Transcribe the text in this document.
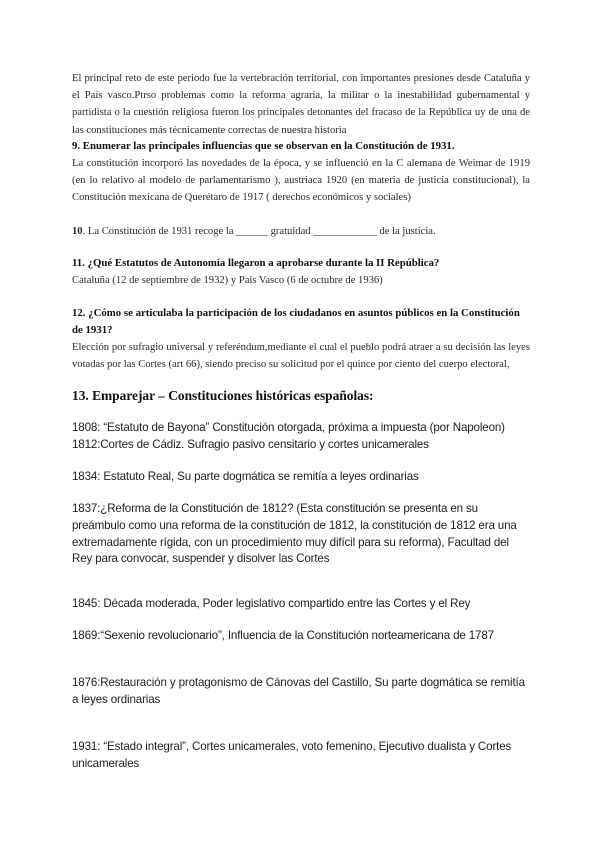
El principal reto de este periodo fue la vertebración territorial, con importantes presiones desde Cataluña y el País vasco.Ptrso problemas como la reforma agraria, la militar o la inestabilidad gubernamental y partidista o la cuestión religiosa fueron los principales detonantes del fracaso de la República uy de una de las constituciones más técnicamente correctas de nuestra historia

9. Enumerar las principales influencias que se observan en la Constitución de 1931.

La constitución incorporó las novedades de la época, y se influenció en la C alemana de Weimar de 1919 (en lo relativo al modelo de parlamentarismo ), austriaca 1920 (en materia de justicia constitucional), la Constitución mexicana de Querétaro de 1917 ( derechos económicos y sociales)

10. La Constitución de 1931 recoge la ______ gratuidad ____________ de la justicia.

11. ¿Qué Estatutos de Autonomía llegaron a aprobarse durante la II República?

Cataluña (12 de septiembre de 1932) y País Vasco (6 de octubre de 1936)

12. ¿Cómo se articulaba la participación de los ciudadanos en asuntos públicos en la Constitución de 1931?

Elección por sufragio universal y referéndum,mediante el cual el pueblo podrá atraer a su decisión las leyes votadas por las Cortes (art 66), siendo preciso su solicitud por el quince por ciento del cuerpo electoral,

13. Emparejar – Constituciones históricas españolas:

1808: “Estatuto de Bayona” Constitución otorgada, próxima a impuesta (por Napoleon)

1812:Cortes de Cádiz. Sufragio pasivo censitario y cortes unicamerales

1834: Estatuto Real, Su parte dogmática se remitía a leyes ordinarias

1837:¿Reforma de la Constitución de 1812? (Esta constitución se presenta en su preámbulo como una reforma de la constitución de 1812, la constitución de 1812 era una extremadamente rígida, con un procedimiento muy difícil para su reforma), Facultad del Rey para convocar, suspender y disolver las Cortes

1845: Década moderada, Poder legislativo compartido entre las Cortes y el Rey

1869:“Sexenio revolucionario”, Influencia de la Constitución norteamericana de 1787

1876:Restauración y protagonismo de Cánovas del Castillo, Su parte dogmática se remitía a leyes ordinarias

1931: “Estado integral”, Cortes unicamerales, voto femenino, Ejecutivo dualista y Cortes unicamerales
